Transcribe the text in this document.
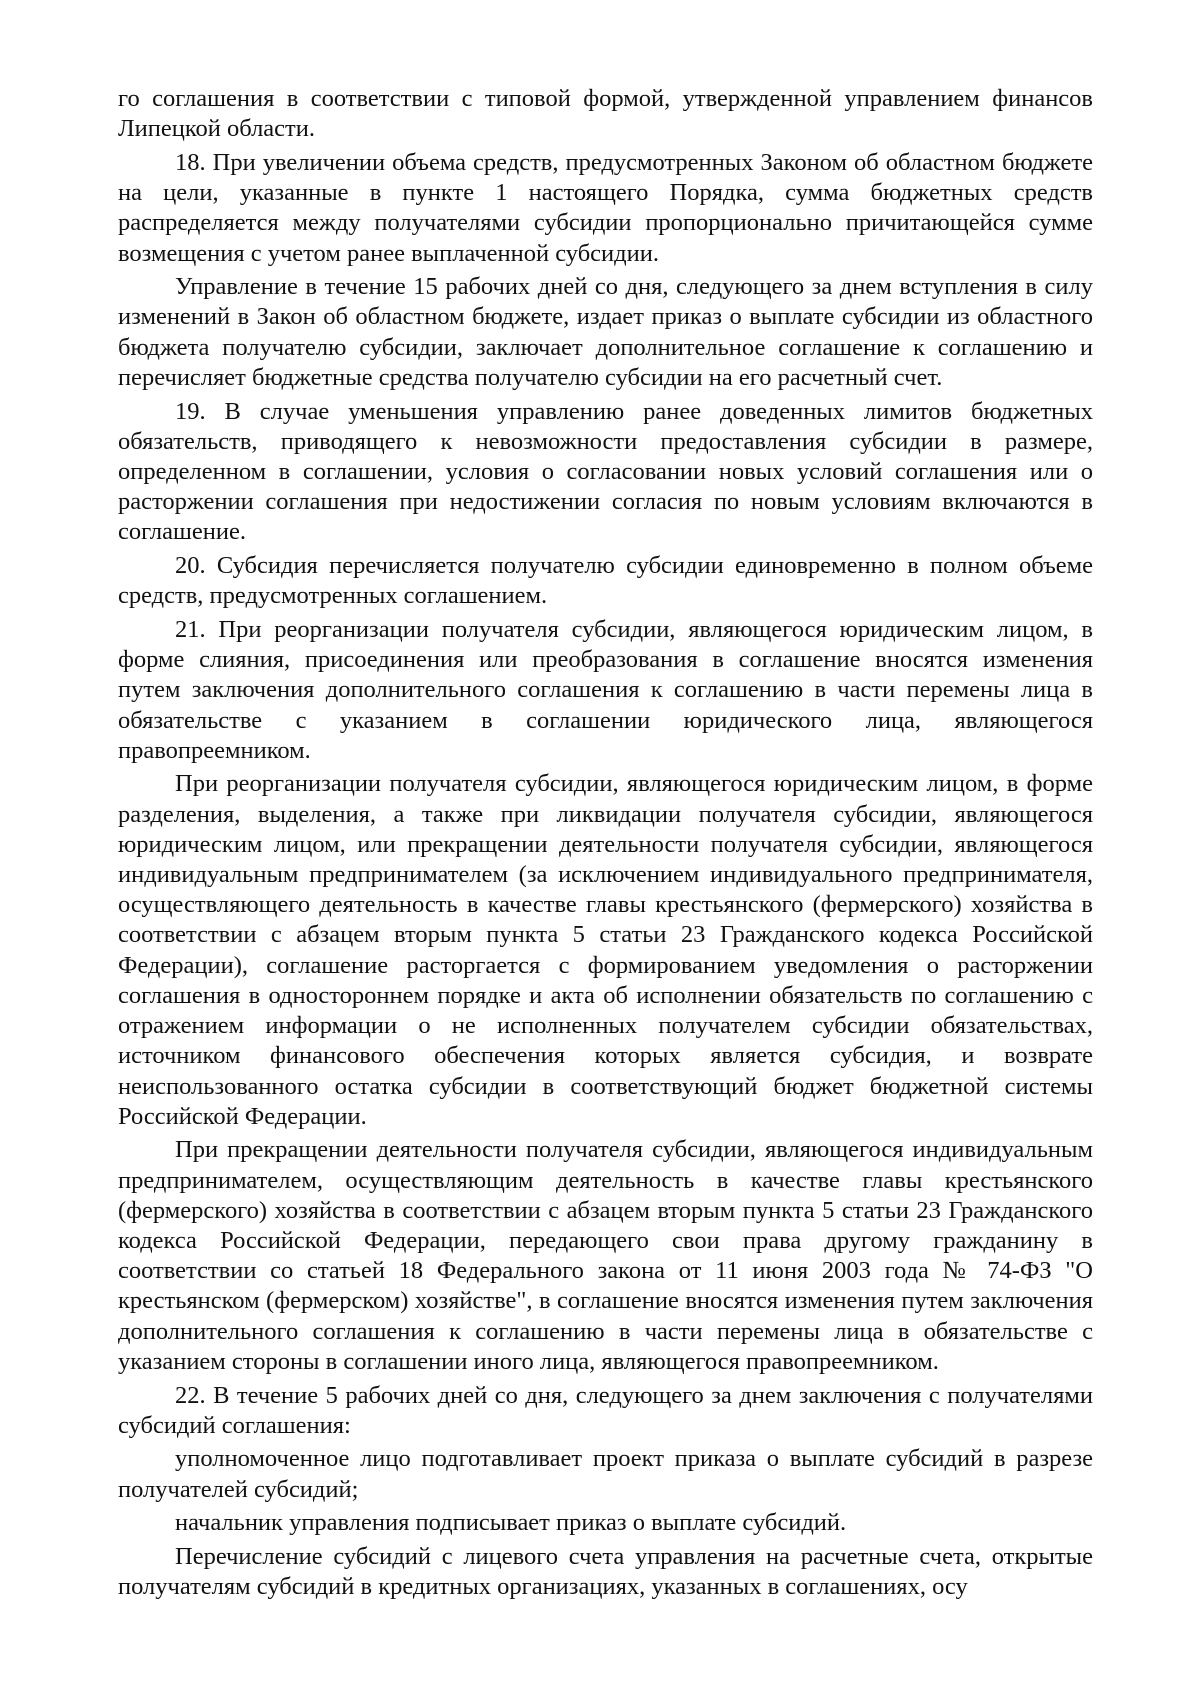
го соглашения в соответствии с типовой формой, утвержденной управлением финансов Липецкой области.

18. При увеличении объема средств, предусмотренных Законом об областном бюджете на цели, указанные в пункте 1 настоящего Порядка, сумма бюджетных средств распределяется между получателями субсидии пропорционально причитающейся сумме возмещения с учетом ранее выплаченной субсидии.

Управление в течение 15 рабочих дней со дня, следующего за днем вступления в силу изменений в Закон об областном бюджете, издает приказ о выплате субсидии из областного бюджета получателю субсидии, заключает дополнительное соглашение к соглашению и перечисляет бюджетные средства получателю субсидии на его расчетный счет.

19. В случае уменьшения управлению ранее доведенных лимитов бюджетных обязательств, приводящего к невозможности предоставления субсидии в размере, определенном в соглашении, условия о согласовании новых условий соглашения или о расторжении соглашения при недостижении согласия по новым условиям включаются в соглашение.

20. Субсидия перечисляется получателю субсидии единовременно в полном объеме средств, предусмотренных соглашением.

21. При реорганизации получателя субсидии, являющегося юридическим лицом, в форме слияния, присоединения или преобразования в соглашение вносятся изменения путем заключения дополнительного соглашения к соглашению в части перемены лица в обязательстве с указанием в соглашении юридического лица, являющегося правопреемником.

При реорганизации получателя субсидии, являющегося юридическим лицом, в форме разделения, выделения, а также при ликвидации получателя субсидии, являющегося юридическим лицом, или прекращении деятельности получателя субсидии, являющегося индивидуальным предпринимателем (за исключением индивидуального предпринимателя, осуществляющего деятельность в качестве главы крестьянского (фермерского) хозяйства в соответствии с абзацем вторым пункта 5 статьи 23 Гражданского кодекса Российской Федерации), соглашение расторгается с формированием уведомления о расторжении соглашения в одностороннем порядке и акта об исполнении обязательств по соглашению с отражением информации о не исполненных получателем субсидии обязательствах, источником финансового обеспечения которых является субсидия, и возврате неиспользованного остатка субсидии в соответствующий бюджет бюджетной системы Российской Федерации.

При прекращении деятельности получателя субсидии, являющегося индивидуальным предпринимателем, осуществляющим деятельность в качестве главы крестьянского (фермерского) хозяйства в соответствии с абзацем вторым пункта 5 статьи 23 Гражданского кодекса Российской Федерации, передающего свои права другому гражданину в соответствии со статьей 18 Федерального закона от 11 июня 2003 года № 74-ФЗ "О крестьянском (фермерском) хозяйстве", в соглашение вносятся изменения путем заключения дополнительного соглашения к соглашению в части перемены лица в обязательстве с указанием стороны в соглашении иного лица, являющегося правопреемником.

22. В течение 5 рабочих дней со дня, следующего за днем заключения с получателями субсидий соглашения:

уполномоченное лицо подготавливает проект приказа о выплате субсидий в разрезе получателей субсидий;

начальник управления подписывает приказ о выплате субсидий.

Перечисление субсидий с лицевого счета управления на расчетные счета, открытые получателям субсидий в кредитных организациях, указанных в соглашениях, осу
